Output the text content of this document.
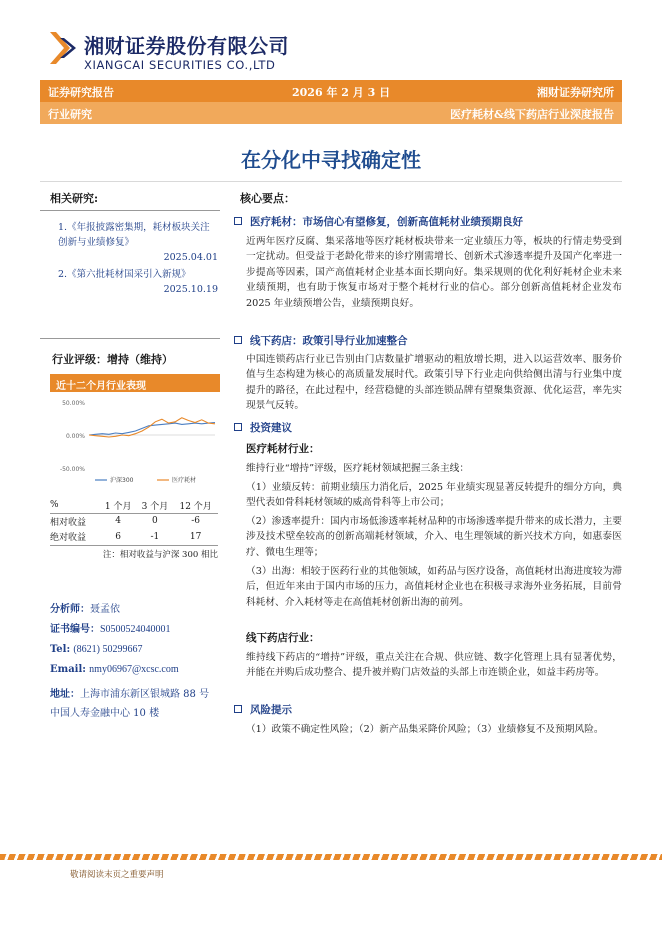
湘财证券股份有限公司
XIANGCAI SECURITIES CO.,LTD
证券研究报告	2026 年 2 月 3 日	湘财证券研究所
行业研究	医疗耗材&线下药店行业深度报告
在分化中寻找确定性
相关研究:
1.《年报披露密集期，耗材板块关注创新与业绩修复》
2025.04.01
2.《第六批耗材国采引入新规》
2025.10.19
行业评级：增持（维持）
近十二个月行业表现
50.00%
0.00%
-50.00%
沪深300	医疗耗材
%	1 个月	3 个月	12 个月
相对收益	4	0	-6
绝对收益	6	-1	17
注：相对收益与沪深 300 相比
分析师：聂孟依
证书编号：S0500524040001
Tel: (8621) 50299667
Email: nmy06967@xcsc.com
地址：上海市浦东新区银城路 88 号
中国人寿金融中心 10 楼
核心要点：
医疗耗材：市场信心有望修复，创新高值耗材业绩预期良好
近两年医疗反腐、集采落地等医疗耗材板块带来一定业绩压力等，板块的行情走势受到一定扰动。但受益于老龄化带来的诊疗刚需增长、创新术式渗透率提升及国产化率进一步提高等因素，国产高值耗材企业基本面长期向好。集采规则的优化利好耗材企业未来业绩预期，也有助于恢复市场对于整个耗材行业的信心。部分创新高值耗材企业发布 2025 年业绩预增公告，业绩预期良好。
线下药店：政策引导行业加速整合
中国连锁药店行业已告别由门店数量扩增驱动的粗放增长期，进入以运营效率、服务价值与生态构建为核心的高质量发展时代。政策引导下行业走向供给侧出清与行业集中度提升的路径，在此过程中，经营稳健的头部连锁品牌有望聚集资源、优化运营，率先实现景气反转。
投资建议
医疗耗材行业：
维持行业“增持”评级，医疗耗材领域把握三条主线：
（1）业绩反转：前期业绩压力消化后，2025 年业绩实现显著反转提升的细分方向，典型代表如骨科耗材领域的威高骨科等上市公司；
（2）渗透率提升：国内市场低渗透率耗材品种的市场渗透率提升带来的成长潜力，主要涉及技术壁垒较高的创新高端耗材领域，介入、电生理领域的新兴技术方向，如惠泰医疗、微电生理等；
（3）出海：相较于医药行业的其他领域，如药品与医疗设备，高值耗材出海进度较为滞后，但近年来由于国内市场的压力，高值耗材企业也在积极寻求海外业务拓展，目前骨科耗材、介入耗材等走在高值耗材创新出海的前列。
线下药店行业：
维持线下药店的“增持”评级，重点关注在合规、供应链、数字化管理上具有显著优势，并能在并购后成功整合、提升被并购门店效益的头部上市连锁企业，如益丰药房等。
风险提示
（1）政策不确定性风险；（2）新产品集采降价风险；（3）业绩修复不及预期风险。
敬请阅读末页之重要声明
